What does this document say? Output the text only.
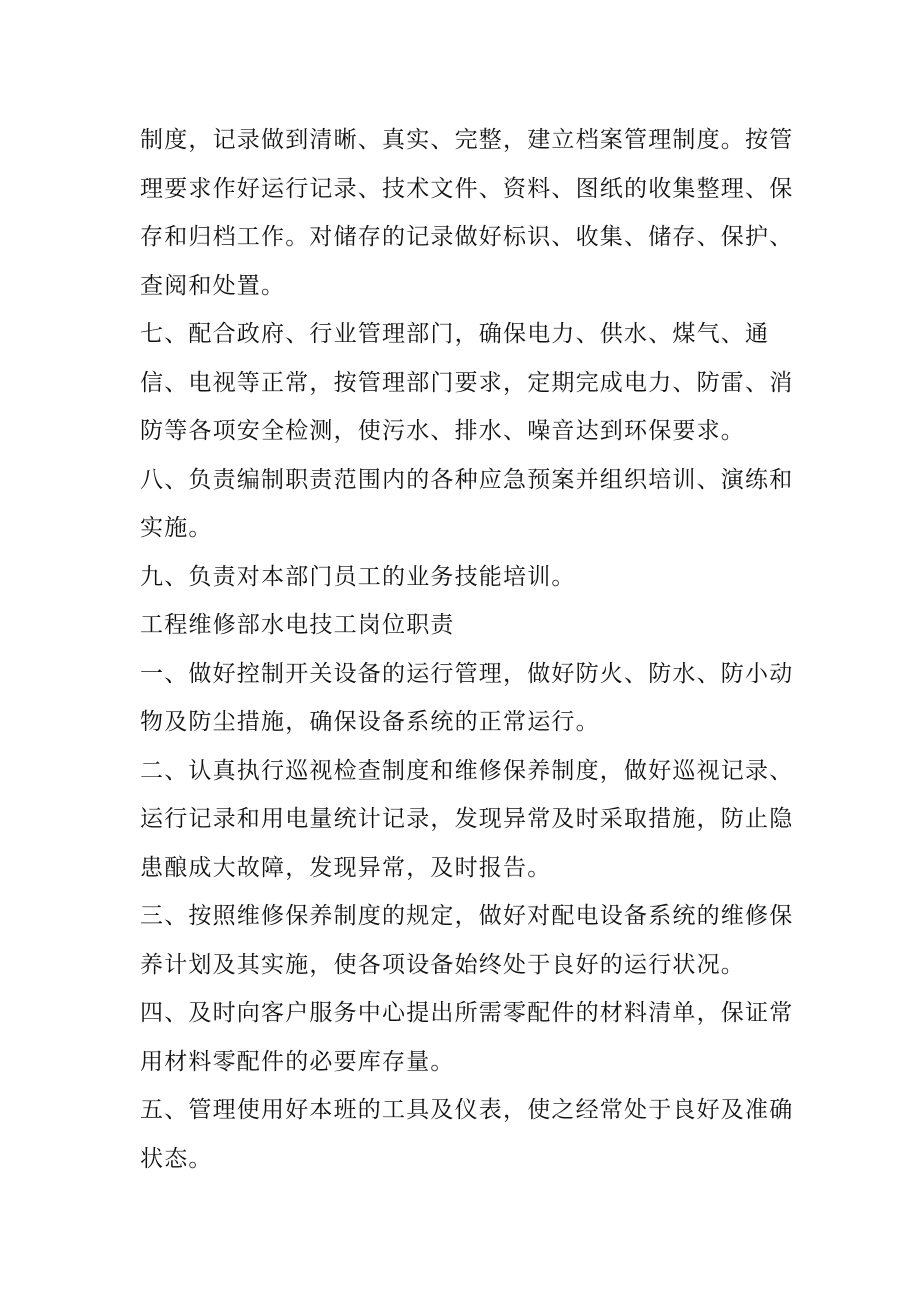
制度，记录做到清晰、真实、完整，建立档案管理制度。按管理要求作好运行记录、技术文件、资料、图纸的收集整理、保存和归档工作。对储存的记录做好标识、收集、储存、保护、查阅和处置。

七、配合政府、行业管理部门，确保电力、供水、煤气、通信、电视等正常，按管理部门要求，定期完成电力、防雷、消防等各项安全检测，使污水、排水、噪音达到环保要求。

八、负责编制职责范围内的各种应急预案并组织培训、演练和实施。

九、负责对本部门员工的业务技能培训。

工程维修部水电技工岗位职责

一、做好控制开关设备的运行管理，做好防火、防水、防小动物及防尘措施，确保设备系统的正常运行。

二、认真执行巡视检查制度和维修保养制度，做好巡视记录、运行记录和用电量统计记录，发现异常及时采取措施，防止隐患酿成大故障，发现异常，及时报告。

三、按照维修保养制度的规定，做好对配电设备系统的维修保养计划及其实施，使各项设备始终处于良好的运行状况。

四、及时向客户服务中心提出所需零配件的材料清单，保证常用材料零配件的必要库存量。

五、管理使用好本班的工具及仪表，使之经常处于良好及准确状态。
